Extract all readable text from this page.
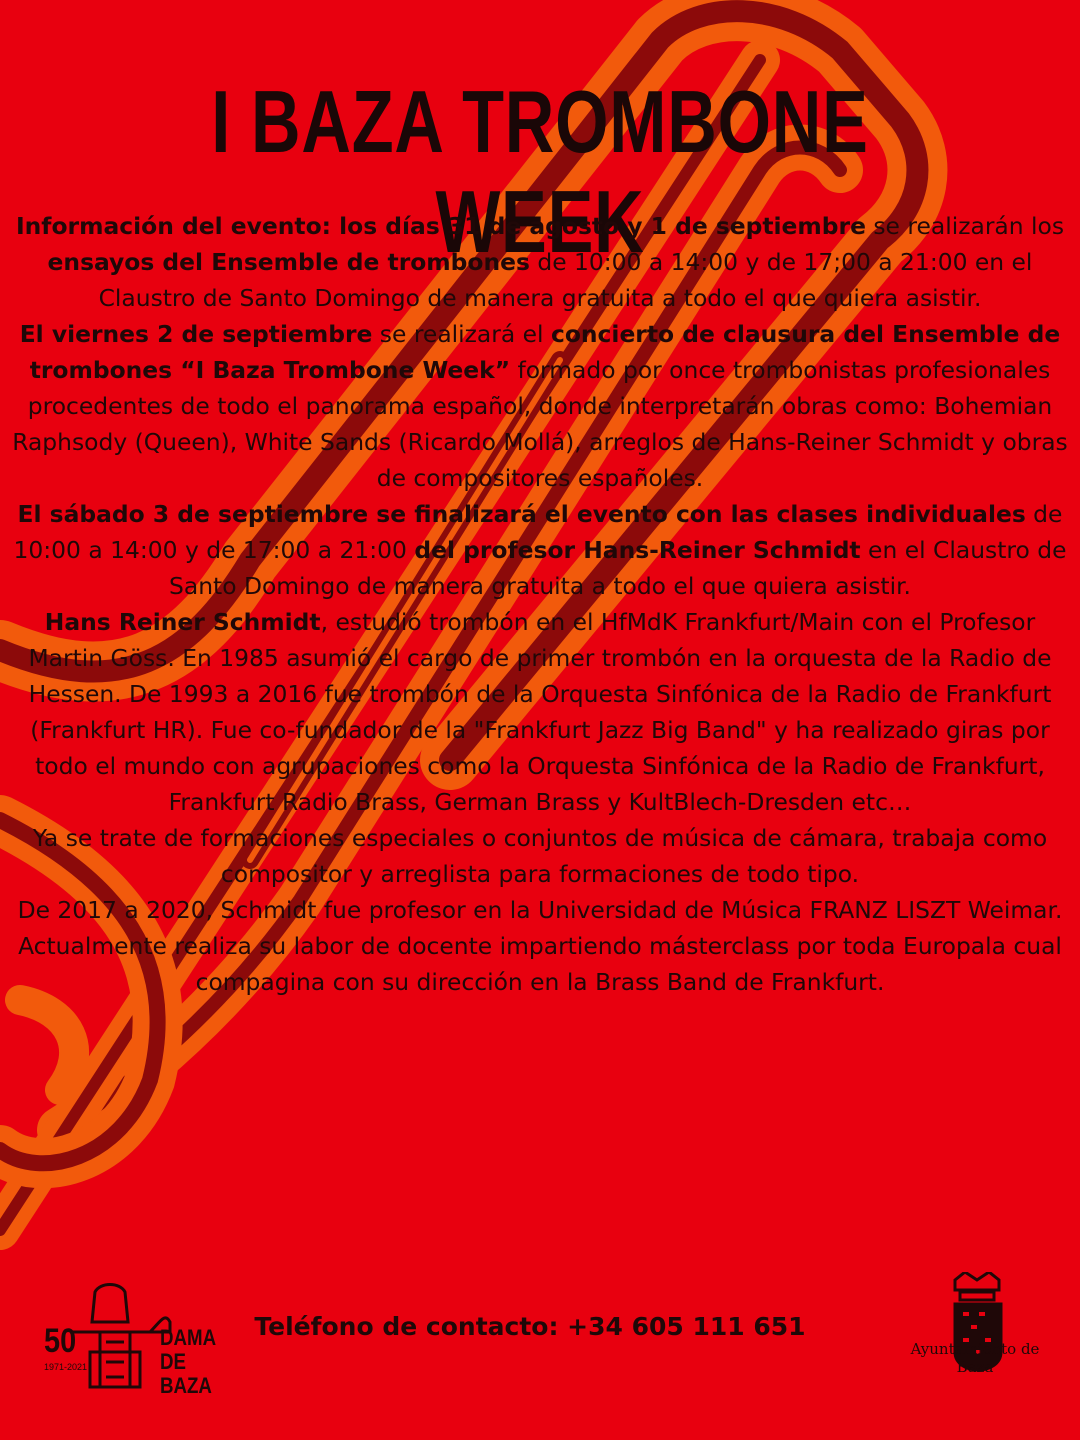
I BAZA TROMBONE WEEK

Información del evento: los días 31 de agosto y 1 de septiembre se realizarán los ensayos del Ensemble de trombones de 10:00 a 14:00 y de 17;00 a 21:00 en el Claustro de Santo Domingo de manera gratuita a todo el que quiera asistir.

El viernes 2 de septiembre se realizará el concierto de clausura del Ensemble de trombones “I Baza Trombone Week” formado por once trombonistas profesionales procedentes de todo el panorama español, donde interpretarán obras como: Bohemian Raphsody (Queen), White Sands (Ricardo Mollá), arreglos de Hans-Reiner Schmidt y obras de compositores españoles.

El sábado 3 de septiembre se finalizará el evento con las clases individuales de 10:00 a 14:00 y de 17:00 a 21:00 del profesor Hans-Reiner Schmidt en el Claustro de Santo Domingo de manera gratuita a todo el que quiera asistir.

Hans Reiner Schmidt, estudió trombón en el HfMdK Frankfurt/Main con el Profesor Martin Göss. En 1985 asumió el cargo de primer trombón en la orquesta de la Radio de Hessen. De 1993 a 2016 fue trombón de la Orquesta Sinfónica de la Radio de Frankfurt (Frankfurt HR). Fue co-fundador de la "Frankfurt Jazz Big Band" y ha realizado giras por todo el mundo con agrupaciones como la Orquesta Sinfónica de la Radio de Frankfurt, Frankfurt Radio Brass, German Brass y KultBlech-Dresden etc…

Ya se trate de formaciones especiales o conjuntos de música de cámara, trabaja como compositor y arreglista para formaciones de todo tipo.

De 2017 a 2020, Schmidt fue profesor en la Universidad de Música FRANZ LISZT Weimar.

Actualmente realiza su labor de docente impartiendo másterclass por toda Europala cual compagina con su dirección en la Brass Band de Frankfurt.

Teléfono de contacto: +34 605 111 651
50
1971-2021
DAMA DE BAZA
Ayuntamiento de Baza
